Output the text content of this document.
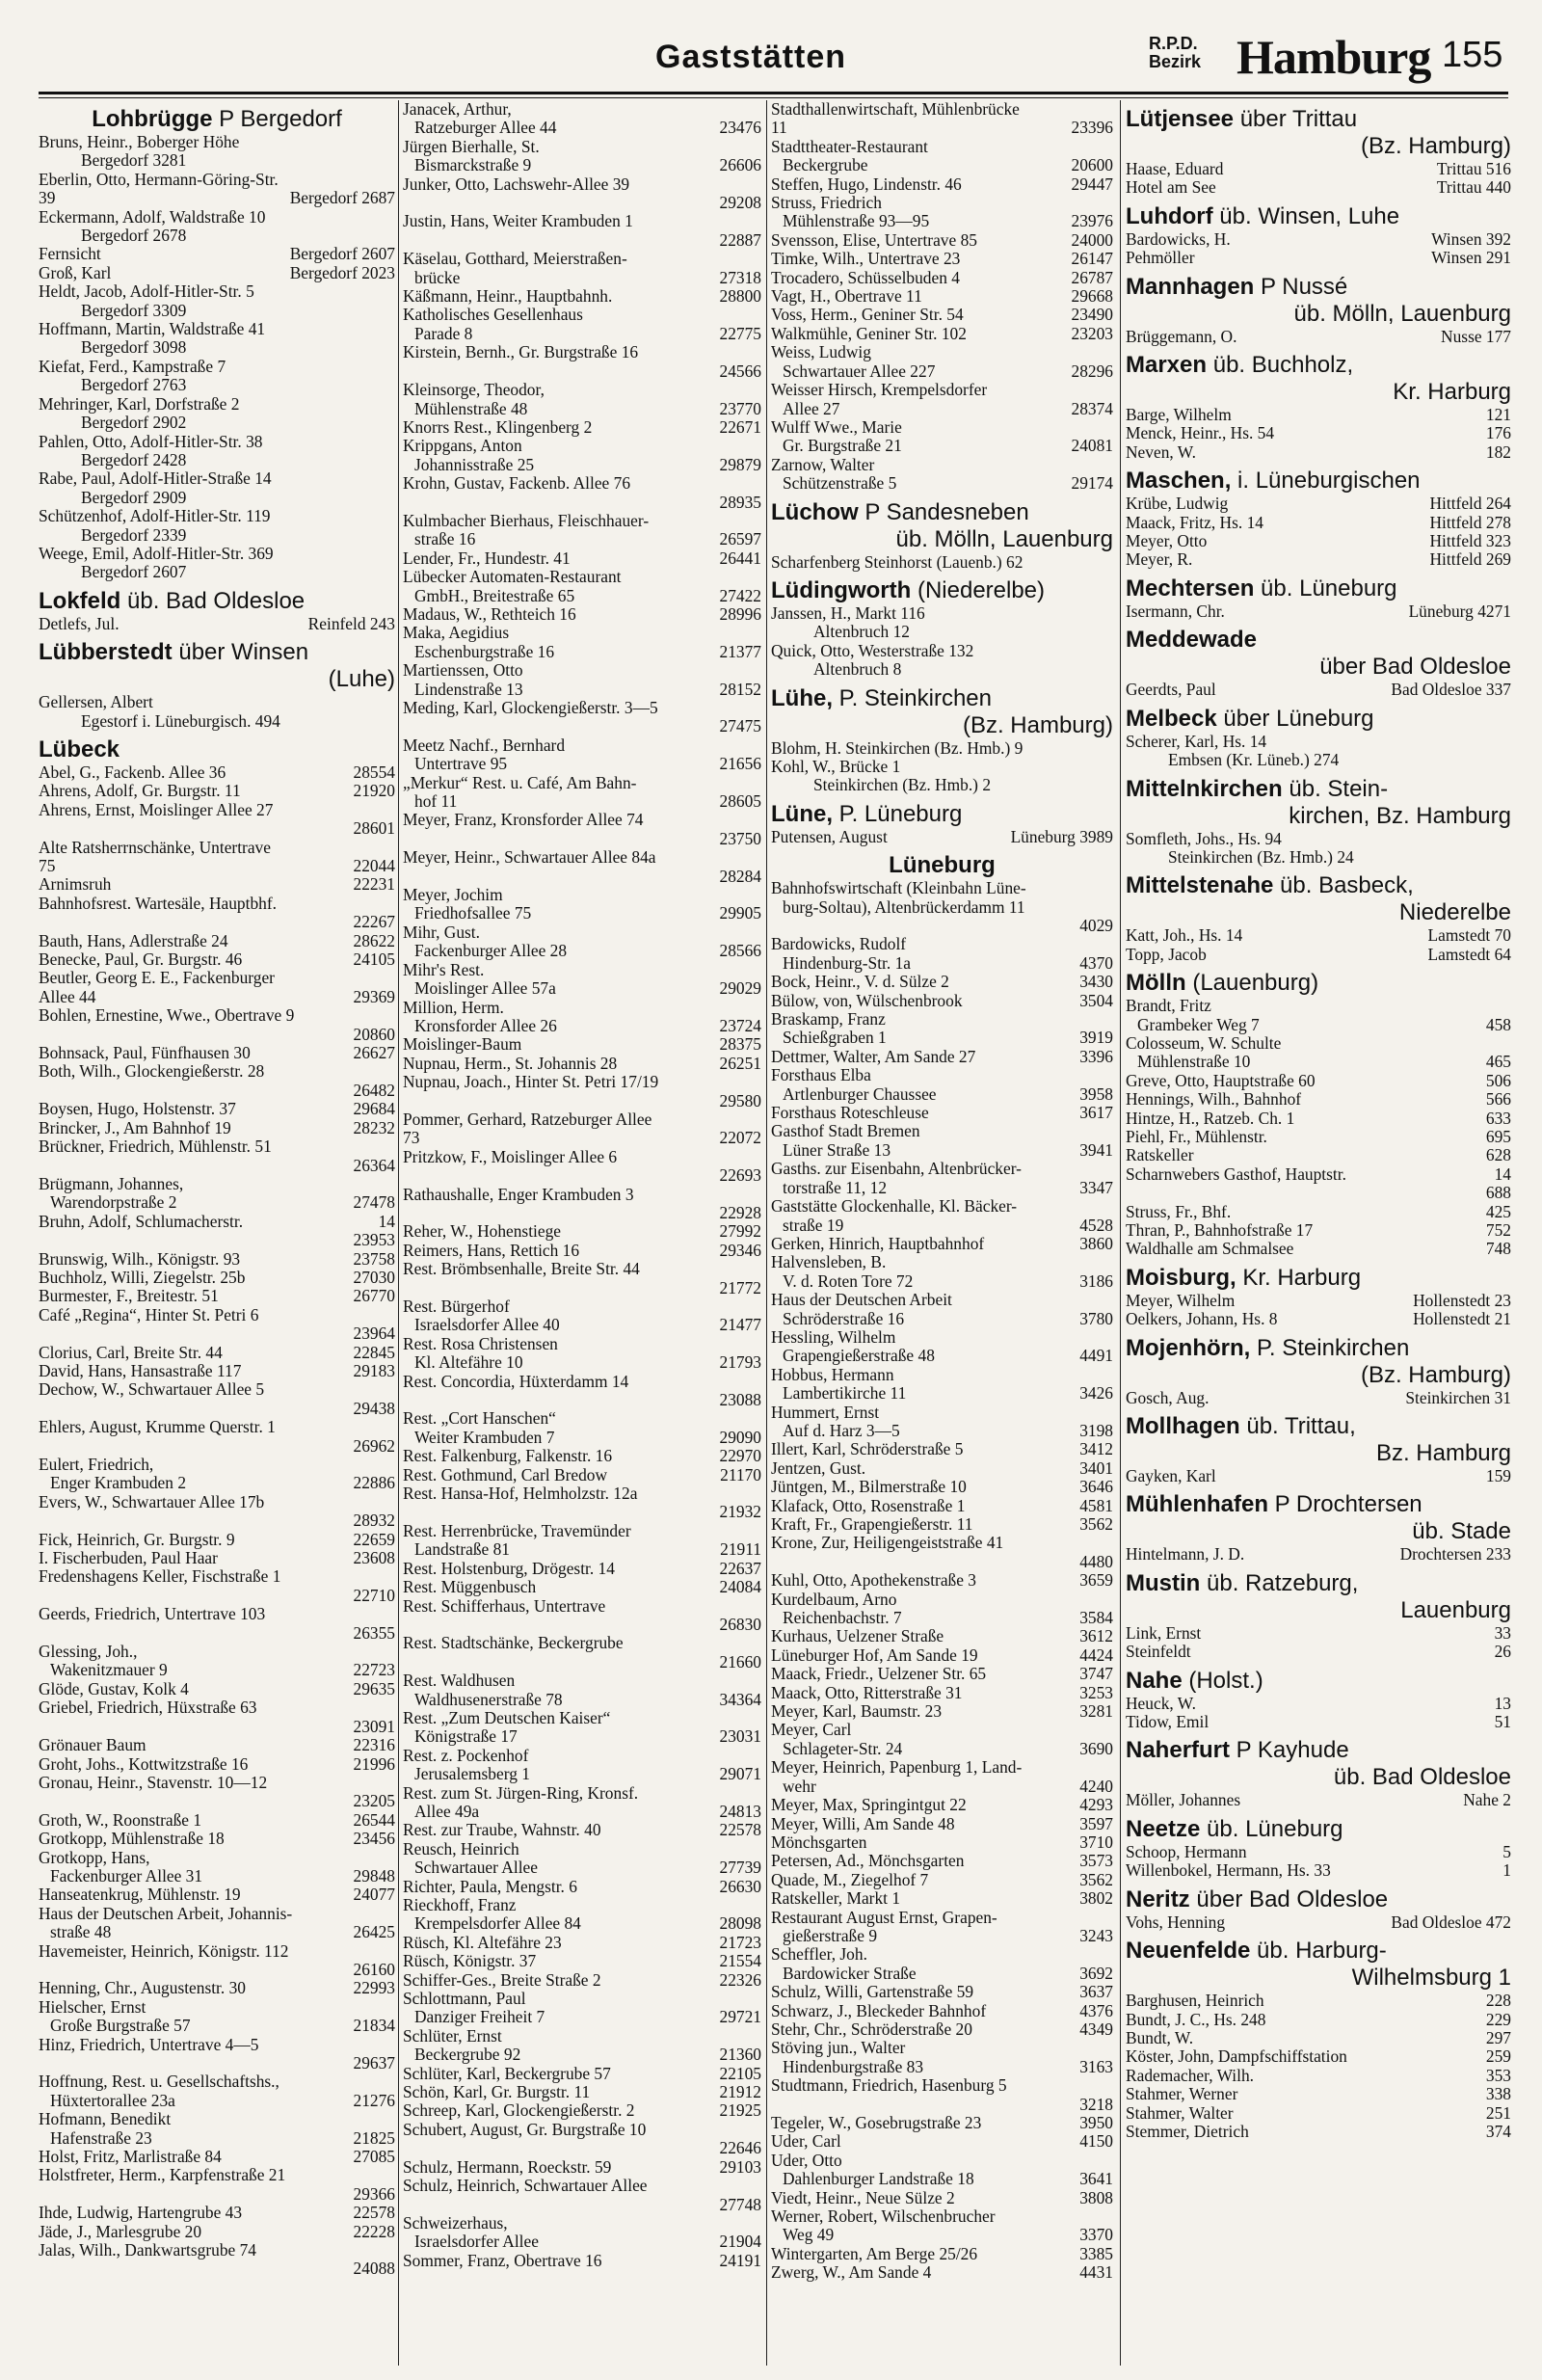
Gaststätten	R.P.D.
Bezirk Hamburg 155
Lohbrügge P Bergedorf
Bruns, Heinr., Boberger Höhe
Bergedorf 3281
Eberlin, Otto, Hermann-Göring-Str.
Bergedorf 2687
39
Eckermann, Adolf, Waldstraße 10
Bergedorf 2678
Bergedorf 2607
Fernsicht
Bergedorf 2023
Groß, Karl
Heldt, Jacob, Adolf-Hitler-Str. 5
Bergedorf 3309
Hoffmann, Martin, Waldstraße 41
Bergedorf 3098
Kiefat, Ferd., Kampstraße 7
Bergedorf 2763
Mehringer, Karl, Dorfstraße 2
Bergedorf 2902
Pahlen, Otto, Adolf-Hitler-Str. 38
Bergedorf 2428
Rabe, Paul, Adolf-Hitler-Straße 14
Bergedorf 2909
Schützenhof, Adolf-Hitler-Str. 119
Bergedorf 2339
Weege, Emil, Adolf-Hitler-Str. 369
Bergedorf 2607
Lokfeld üb. Bad Oldesloe
Reinfeld 243
Detlefs, Jul.
Lübberstedt über Winsen
(Luhe)
Gellersen, Albert
Egestorf i. Lüneburgisch. 494
Lübeck
28554
Abel, G., Fackenb. Allee 36
21920
Ahrens, Adolf, Gr. Burgstr. 11
Ahrens, Ernst, Moislinger Allee 27
28601
Alte Ratsherrnschänke, Untertrave
22044
75
22231
Arnimsruh
Bahnhofsrest. Wartesäle, Hauptbhf.
22267
28622
Bauth, Hans, Adlerstraße 24
24105
Benecke, Paul, Gr. Burgstr. 46
Beutler, Georg E. E., Fackenburger
29369
Allee 44
Bohlen, Ernestine, Wwe., Obertrave 9
20860
26627
Bohnsack, Paul, Fünfhausen 30
Both, Wilh., Glockengießerstr. 28
26482
29684
Boysen, Hugo, Holstenstr. 37
28232
Brincker, J., Am Bahnhof 19
Brückner, Friedrich, Mühlenstr. 51
26364
Brügmann, Johannes,
27478
Warendorpstraße 2
14
Bruhn, Adolf, Schlumacherstr.
23953
23758
Brunswig, Wilh., Königstr. 93
27030
Buchholz, Willi, Ziegelstr. 25b
26770
Burmester, F., Breitestr. 51
Café „Regina“, Hinter St. Petri 6
23964
22845
Clorius, Carl, Breite Str. 44
29183
David, Hans, Hansastraße 117
Dechow, W., Schwartauer Allee 5
29438
Ehlers, August, Krumme Querstr. 1
26962
Eulert, Friedrich,
22886
Enger Krambuden 2
Evers, W., Schwartauer Allee 17b
28932
22659
Fick, Heinrich, Gr. Burgstr. 9
23608
I. Fischerbuden, Paul Haar
Fredenshagens Keller, Fischstraße 1
22710
Geerds, Friedrich, Untertrave 103
26355
Glessing, Joh.,
22723
Wakenitzmauer 9
29635
Glöde, Gustav, Kolk 4
Griebel, Friedrich, Hüxstraße 63
23091
22316
Grönauer Baum
21996
Groht, Johs., Kottwitzstraße 16
Gronau, Heinr., Stavenstr. 10—12
23205
26544
Groth, W., Roonstraße 1
23456
Grotkopp, Mühlenstraße 18
Grotkopp, Hans,
29848
Fackenburger Allee 31
24077
Hanseatenkrug, Mühlenstr. 19
Haus der Deutschen Arbeit, Johannis-
26425
straße 48
Havemeister, Heinrich, Königstr. 112
26160
22993
Henning, Chr., Augustenstr. 30
Hielscher, Ernst
21834
Große Burgstraße 57
Hinz, Friedrich, Untertrave 4—5
29637
Hoffnung, Rest. u. Gesellschaftshs.,
21276
Hüxtertorallee 23a
Hofmann, Benedikt
21825
Hafenstraße 23
27085
Holst, Fritz, Marlistraße 84
Holstfreter, Herm., Karpfenstraße 21
29366
22578
Ihde, Ludwig, Hartengrube 43
22228
Jäde, J., Marlesgrube 20
Jalas, Wilh., Dankwartsgrube 74
24088
Janacek, Arthur,
23476
Ratzeburger Allee 44
Jürgen Bierhalle, St.
26606
Bismarckstraße 9
Junker, Otto, Lachswehr-Allee 39
29208
Justin, Hans, Weiter Krambuden 1
22887
Käselau, Gotthard, Meierstraßen-
27318
brücke
28800
Käßmann, Heinr., Hauptbahnh.
Katholisches Gesellenhaus
22775
Parade 8
Kirstein, Bernh., Gr. Burgstraße 16
24566
Kleinsorge, Theodor,
23770
Mühlenstraße 48
22671
Knorrs Rest., Klingenberg 2
Krippgans, Anton
29879
Johannisstraße 25
Krohn, Gustav, Fackenb. Allee 76
28935
Kulmbacher Bierhaus, Fleischhauer-
26597
straße 16
26441
Lender, Fr., Hundestr. 41
Lübecker Automaten-Restaurant
27422
GmbH., Breitestraße 65
28996
Madaus, W., Rethteich 16
Maka, Aegidius
21377
Eschenburgstraße 16
Martienssen, Otto
28152
Lindenstraße 13
Meding, Karl, Glockengießerstr. 3—5
27475
Meetz Nachf., Bernhard
21656
Untertrave 95
„Merkur“ Rest. u. Café, Am Bahn-
28605
hof 11
Meyer, Franz, Kronsforder Allee 74
23750
Meyer, Heinr., Schwartauer Allee 84a
28284
Meyer, Jochim
29905
Friedhofsallee 75
Mihr, Gust.
28566
Fackenburger Allee 28
Mihr's Rest.
29029
Moislinger Allee 57a
Million, Herm.
23724
Kronsforder Allee 26
28375
Moislinger-Baum
26251
Nupnau, Herm., St. Johannis 28
Nupnau, Joach., Hinter St. Petri 17/19
29580
Pommer, Gerhard, Ratzeburger Allee
22072
73
Pritzkow, F., Moislinger Allee 6
22693
Rathaushalle, Enger Krambuden 3
22928
27992
Reher, W., Hohenstiege
29346
Reimers, Hans, Rettich 16
Rest. Brömbsenhalle, Breite Str. 44
21772
Rest. Bürgerhof
21477
Israelsdorfer Allee 40
Rest. Rosa Christensen
21793
Kl. Altefähre 10
Rest. Concordia, Hüxterdamm 14
23088
Rest. „Cort Hanschen“
29090
Weiter Krambuden 7
22970
Rest. Falkenburg, Falkenstr. 16
21170
Rest. Gothmund, Carl Bredow
Rest. Hansa-Hof, Helmholzstr. 12a
21932
Rest. Herrenbrücke, Travemünder
21911
Landstraße 81
22637
Rest. Holstenburg, Drögestr. 14
24084
Rest. Müggenbusch
Rest. Schifferhaus, Untertrave
26830
Rest. Stadtschänke, Beckergrube
21660
Rest. Waldhusen
34364
Waldhusenerstraße 78
Rest. „Zum Deutschen Kaiser“
23031
Königstraße 17
Rest. z. Pockenhof
29071
Jerusalemsberg 1
Rest. zum St. Jürgen-Ring, Kronsf.
24813
Allee 49a
22578
Rest. zur Traube, Wahnstr. 40
Reusch, Heinrich
27739
Schwartauer Allee
26630
Richter, Paula, Mengstr. 6
Rieckhoff, Franz
28098
Krempelsdorfer Allee 84
21723
Rüsch, Kl. Altefähre 23
21554
Rüsch, Königstr. 37
22326
Schiffer-Ges., Breite Straße 2
Schlottmann, Paul
29721
Danziger Freiheit 7
Schlüter, Ernst
21360
Beckergrube 92
22105
Schlüter, Karl, Beckergrube 57
21912
Schön, Karl, Gr. Burgstr. 11
21925
Schreep, Karl, Glockengießerstr. 2
Schubert, August, Gr. Burgstraße 10
22646
29103
Schulz, Hermann, Roeckstr. 59
Schulz, Heinrich, Schwartauer Allee
27748
Schweizerhaus,
21904
Israelsdorfer Allee
24191
Sommer, Franz, Obertrave 16
Stadthallenwirtschaft, Mühlenbrücke
23396
11
Stadttheater-Restaurant
20600
Beckergrube
29447
Steffen, Hugo, Lindenstr. 46
Struss, Friedrich
23976
Mühlenstraße 93—95
24000
Svensson, Elise, Untertrave 85
26147
Timke, Wilh., Untertrave 23
26787
Trocadero, Schüsselbuden 4
29668
Vagt, H., Obertrave 11
23490
Voss, Herm., Geniner Str. 54
23203
Walkmühle, Geniner Str. 102
Weiss, Ludwig
28296
Schwartauer Allee 227
Weisser Hirsch, Krempelsdorfer
28374
Allee 27
Wulff Wwe., Marie
24081
Gr. Burgstraße 21
Zarnow, Walter
29174
Schützenstraße 5
Lüchow P Sandesneben
üb. Mölln, Lauenburg
Scharfenberg Steinhorst (Lauenb.) 62
Lüdingworth (Niederelbe)
Janssen, H., Markt 116
Altenbruch 12
Quick, Otto, Westerstraße 132
Altenbruch 8
Lühe, P. Steinkirchen
(Bz. Hamburg)
Blohm, H. Steinkirchen (Bz. Hmb.) 9
Kohl, W., Brücke 1
Steinkirchen (Bz. Hmb.) 2
Lüne, P. Lüneburg
Lüneburg 3989
Putensen, August
Lüneburg
Bahnhofswirtschaft (Kleinbahn Lüne-
burg-Soltau), Altenbrückerdamm 11
4029
Bardowicks, Rudolf
4370
Hindenburg-Str. 1a
3430
Bock, Heinr., V. d. Sülze 2
3504
Bülow, von, Wülschenbrook
Braskamp, Franz
3919
Schießgraben 1
3396
Dettmer, Walter, Am Sande 27
Forsthaus Elba
3958
Artlenburger Chaussee
3617
Forsthaus Roteschleuse
Gasthof Stadt Bremen
3941
Lüner Straße 13
Gasths. zur Eisenbahn, Altenbrücker-
3347
torstraße 11, 12
Gaststätte Glockenhalle, Kl. Bäcker-
4528
straße 19
3860
Gerken, Hinrich, Hauptbahnhof
Halvensleben, B.
3186
V. d. Roten Tore 72
Haus der Deutschen Arbeit
3780
Schröderstraße 16
Hessling, Wilhelm
4491
Grapengießerstraße 48
Hobbus, Hermann
3426
Lambertikirche 11
Hummert, Ernst
3198
Auf d. Harz 3—5
3412
Illert, Karl, Schröderstraße 5
3401
Jentzen, Gust.
3646
Jüntgen, M., Bilmerstraße 10
4581
Klafack, Otto, Rosenstraße 1
3562
Kraft, Fr., Grapengießerstr. 11
Krone, Zur, Heiligengeiststraße 41
4480
3659
Kuhl, Otto, Apothekenstraße 3
Kurdelbaum, Arno
3584
Reichenbachstr. 7
3612
Kurhaus, Uelzener Straße
4424
Lüneburger Hof, Am Sande 19
3747
Maack, Friedr., Uelzener Str. 65
3253
Maack, Otto, Ritterstraße 31
3281
Meyer, Karl, Baumstr. 23
Meyer, Carl
3690
Schlageter-Str. 24
Meyer, Heinrich, Papenburg 1, Land-
4240
wehr
4293
Meyer, Max, Springintgut 22
3597
Meyer, Willi, Am Sande 48
3710
Mönchsgarten
3573
Petersen, Ad., Mönchsgarten
3562
Quade, M., Ziegelhof 7
3802
Ratskeller, Markt 1
Restaurant August Ernst, Grapen-
3243
gießerstraße 9
Scheffler, Joh.
3692
Bardowicker Straße
3637
Schulz, Willi, Gartenstraße 59
4376
Schwarz, J., Bleckeder Bahnhof
4349
Stehr, Chr., Schröderstraße 20
Stöving jun., Walter
3163
Hindenburgstraße 83
Studtmann, Friedrich, Hasenburg 5
3218
3950
Tegeler, W., Gosebrugstraße 23
4150
Uder, Carl
Uder, Otto
3641
Dahlenburger Landstraße 18
3808
Viedt, Heinr., Neue Sülze 2
Werner, Robert, Wilschenbrucher
3370
Weg 49
3385
Wintergarten, Am Berge 25/26
4431
Zwerg, W., Am Sande 4
Lütjensee über Trittau
(Bz. Hamburg)
Trittau 516
Haase, Eduard
Trittau 440
Hotel am See
Luhdorf üb. Winsen, Luhe
Winsen 392
Bardowicks, H.
Winsen 291
Pehmöller
Mannhagen P Nussé
üb. Mölln, Lauenburg
Nusse 177
Brüggemann, O.
Marxen üb. Buchholz,
Kr. Harburg
121
Barge, Wilhelm
176
Menck, Heinr., Hs. 54
182
Neven, W.
Maschen, i. Lüneburgischen
Hittfeld 264
Krübe, Ludwig
Hittfeld 278
Maack, Fritz, Hs. 14
Hittfeld 323
Meyer, Otto
Hittfeld 269
Meyer, R.
Mechtersen üb. Lüneburg
Lüneburg 4271
Isermann, Chr.
Meddewade
über Bad Oldesloe
Bad Oldesloe 337
Geerdts, Paul
Melbeck über Lüneburg
Scherer, Karl, Hs. 14
Embsen (Kr. Lüneb.) 274
Mittelnkirchen üb. Stein-
kirchen, Bz. Hamburg
Somfleth, Johs., Hs. 94
Steinkirchen (Bz. Hmb.) 24
Mittelstenahe üb. Basbeck,
Niederelbe
Lamstedt 70
Katt, Joh., Hs. 14
Lamstedt 64
Topp, Jacob
Mölln (Lauenburg)
Brandt, Fritz
458
Grambeker Weg 7
Colosseum, W. Schulte
465
Mühlenstraße 10
506
Greve, Otto, Hauptstraße 60
566
Hennings, Wilh., Bahnhof
633
Hintze, H., Ratzeb. Ch. 1
695
Piehl, Fr., Mühlenstr.
628
Ratskeller
14
Scharnwebers Gasthof, Hauptstr.
688
425
Struss, Fr., Bhf.
752
Thran, P., Bahnhofstraße 17
748
Waldhalle am Schmalsee
Moisburg, Kr. Harburg
Hollenstedt 23
Meyer, Wilhelm
Hollenstedt 21
Oelkers, Johann, Hs. 8
Mojenhörn, P. Steinkirchen
(Bz. Hamburg)
Steinkirchen 31
Gosch, Aug.
Mollhagen üb. Trittau,
Bz. Hamburg
159
Gayken, Karl
Mühlenhafen P Drochtersen
üb. Stade
Drochtersen 233
Hintelmann, J. D.
Mustin üb. Ratzeburg,
Lauenburg
33
Link, Ernst
26
Steinfeldt
Nahe (Holst.)
13
Heuck, W.
51
Tidow, Emil
Naherfurt P Kayhude
üb. Bad Oldesloe
Nahe 2
Möller, Johannes
Neetze üb. Lüneburg
5
Schoop, Hermann
1
Willenbokel, Hermann, Hs. 33
Neritz über Bad Oldesloe
Bad Oldesloe 472
Vohs, Henning
Neuenfelde üb. Harburg-
Wilhelmsburg 1
228
Barghusen, Heinrich
229
Bundt, J. C., Hs. 248
297
Bundt, W.
259
Köster, John, Dampfschiffstation
353
Rademacher, Wilh.
338
Stahmer, Werner
251
Stahmer, Walter
374
Stemmer, Dietrich
